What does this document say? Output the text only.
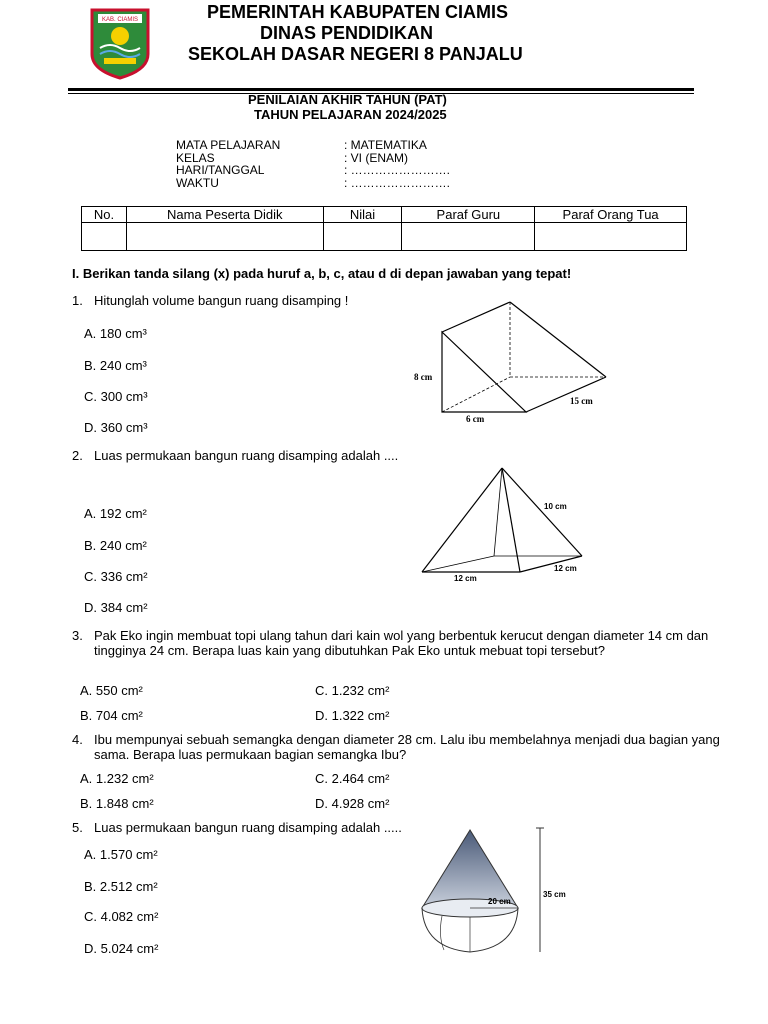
KAB. CIAMIS	PEMERINTAH KABUPATEN CIAMIS
DINAS PENDIDIKAN
SEKOLAH DASAR NEGERI 8 PANJALU
PENILAIAN AKHIR TAHUN (PAT)
TAHUN PELAJARAN 2024/2025
MATA PELAJARAN	: MATEMATIKA
KELAS	: VI (ENAM)
HARI/TANGGAL	: …………………….
WAKTU	: …………………….
No.	Nama Peserta Didik	Nilai	Paraf Guru	Paraf Orang Tua

I. Berikan tanda silang (x) pada huruf a, b, c, atau d di depan jawaban yang tepat!
1. Hitunglah volume bangun ruang disamping !
A. 180 cm³
B. 240 cm³
C. 300 cm³
D. 360 cm³
8 cm
15 cm
6 cm
2. Luas permukaan bangun ruang disamping adalah ....
A. 192 cm²
B. 240 cm²
C. 336 cm²
D. 384 cm²
10 cm
12 cm
12 cm
3. Pak Eko ingin membuat topi ulang tahun dari kain wol yang berbentuk kerucut dengan diameter 14 cm dan tingginya 24 cm. Berapa luas kain yang dibutuhkan Pak Eko untuk mebuat topi tersebut?
A. 550 cm²	C. 1.232 cm²
B. 704 cm²	D. 1.322 cm²
4. Ibu mempunyai sebuah semangka dengan diameter 28 cm. Lalu ibu membelahnya menjadi dua bagian yang sama. Berapa luas permukaan bagian semangka Ibu?
A. 1.232 cm²	C. 2.464 cm²
B. 1.848 cm²	D. 4.928 cm²
5. Luas permukaan bangun ruang disamping adalah .....
A. 1.570 cm²
B. 2.512 cm²
C. 4.082 cm²
D. 5.024 cm²
20 cm
35 cm
